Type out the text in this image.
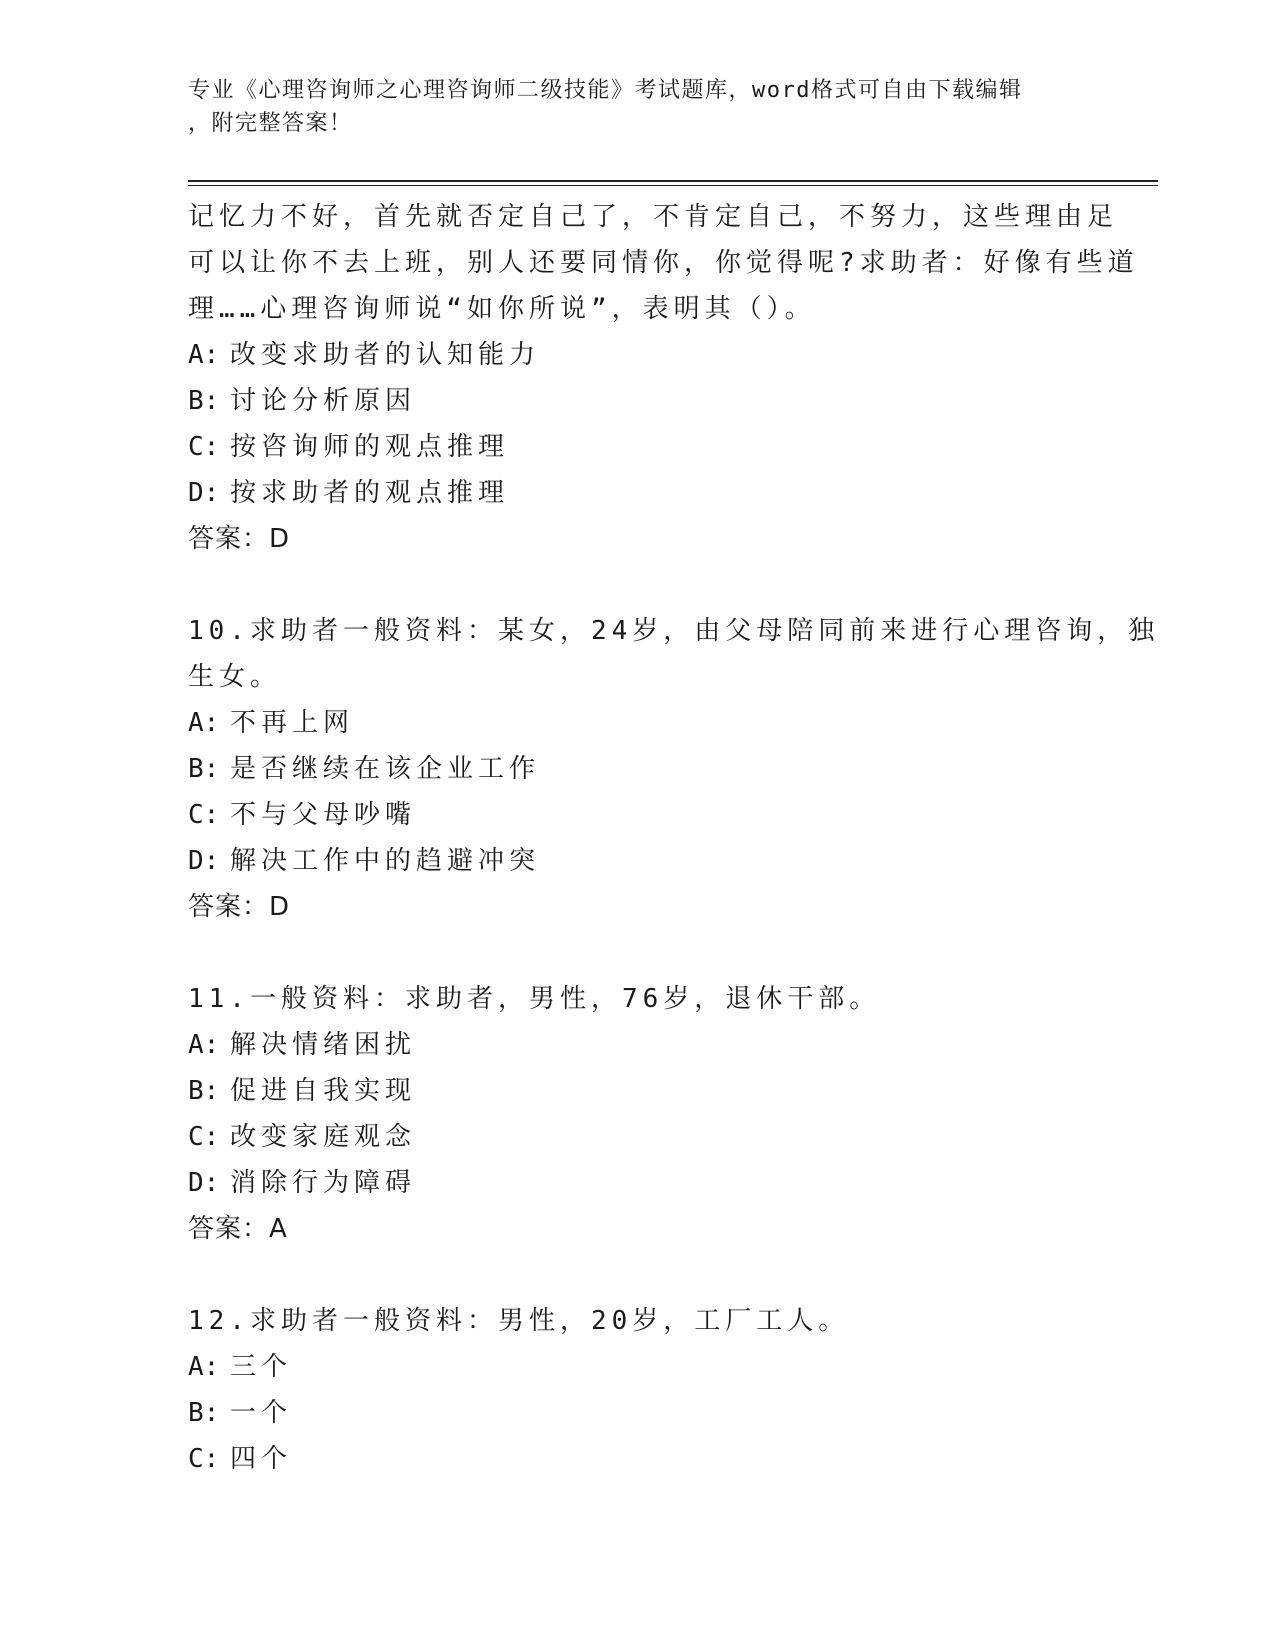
专业《心理咨询师之心理咨询师二级技能》考试题库，word格式可自由下载编辑
，附完整答案！
记忆力不好，首先就否定自己了，不肯定自己，不努力，这些理由足
可以让你不去上班，别人还要同情你，你觉得呢?求助者：好像有些道
理……心理咨询师说“如你所说”，表明其（）。
A: 改变求助者的认知能力
B: 讨论分析原因
C: 按咨询师的观点推理
D: 按求助者的观点推理
答案：D
10.求助者一般资料：某女，24岁，由父母陪同前来进行心理咨询，独
生女。
A: 不再上网
B: 是否继续在该企业工作
C: 不与父母吵嘴
D: 解决工作中的趋避冲突
答案：D
11.一般资料：求助者，男性，76岁，退休干部。
A: 解决情绪困扰
B: 促进自我实现
C: 改变家庭观念
D: 消除行为障碍
答案：A
12.求助者一般资料：男性，20岁，工厂工人。
A: 三个
B: 一个
C: 四个
